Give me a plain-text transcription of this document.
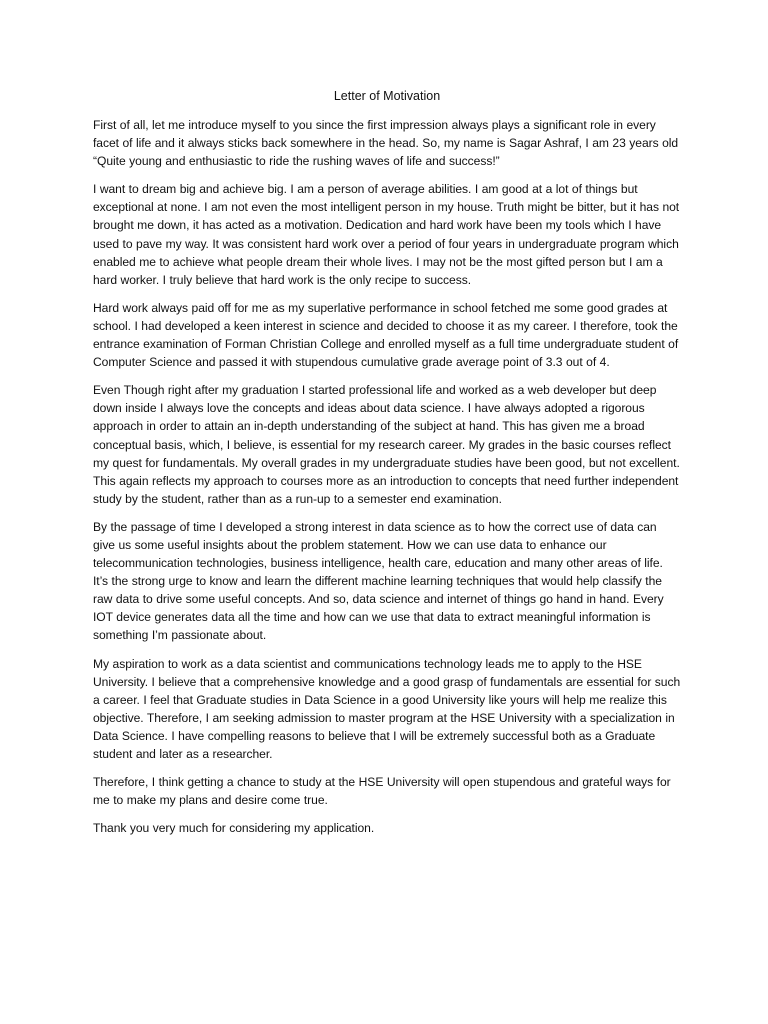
Letter of Motivation

First of all, let me introduce myself to you since the first impression always plays a significant role in every facet of life and it always sticks back somewhere in the head. So, my name is Sagar Ashraf, I am 23 years old “Quite young and enthusiastic to ride the rushing waves of life and success!”

I want to dream big and achieve big. I am a person of average abilities. I am good at a lot of things but exceptional at none. I am not even the most intelligent person in my house. Truth might be bitter, but it has not brought me down, it has acted as a motivation. Dedication and hard work have been my tools which I have used to pave my way. It was consistent hard work over a period of four years in undergraduate program which enabled me to achieve what people dream their whole lives. I may not be the most gifted person but I am a hard worker. I truly believe that hard work is the only recipe to success.

Hard work always paid off for me as my superlative performance in school fetched me some good grades at school. I had developed a keen interest in science and decided to choose it as my career. I therefore, took the entrance examination of Forman Christian College and enrolled myself as a full time undergraduate student of Computer Science and passed it with stupendous cumulative grade average point of 3.3 out of 4.

Even Though right after my graduation I started professional life and worked as a web developer but deep down inside I always love the concepts and ideas about data science. I have always adopted a rigorous approach in order to attain an in-depth understanding of the subject at hand. This has given me a broad conceptual basis, which, I believe, is essential for my research career. My grades in the basic courses reflect my quest for fundamentals. My overall grades in my undergraduate studies have been good, but not excellent. This again reflects my approach to courses more as an introduction to concepts that need further independent study by the student, rather than as a run-up to a semester end examination.

By the passage of time I developed a strong interest in data science as to how the correct use of data can give us some useful insights about the problem statement. How we can use data to enhance our telecommunication technologies, business intelligence, health care, education and many other areas of life. It’s the strong urge to know and learn the different machine learning techniques that would help classify the raw data to drive some useful concepts. And so, data science and internet of things go hand in hand. Every IOT device generates data all the time and how can we use that data to extract meaningful information is something I’m passionate about.

My aspiration to work as a data scientist and communications technology leads me to apply to the HSE University. I believe that a comprehensive knowledge and a good grasp of fundamentals are essential for such a career. I feel that Graduate studies in Data Science in a good University like yours will help me realize this objective. Therefore, I am seeking admission to master program at the HSE University with a specialization in Data Science. I have compelling reasons to believe that I will be extremely successful both as a Graduate student and later as a researcher.

Therefore, I think getting a chance to study at the HSE University will open stupendous and grateful ways for me to make my plans and desire come true.

Thank you very much for considering my application.
